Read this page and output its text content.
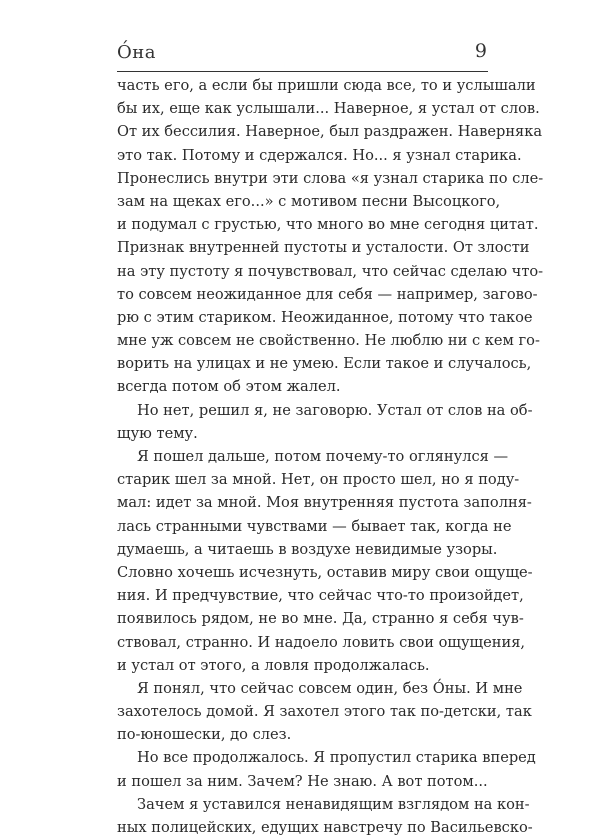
О́на	9
часть его, а если бы пришли сюда все, то и услышали
бы их, еще как услышали... Наверное, я устал от слов.
От их бессилия. Наверное, был раздражен. Наверняка
это так. Потому и сдержался. Но... я узнал старика.
Пронеслись внутри эти слова «я узнал старика по сле-
зам на щеках его...» с мотивом песни Высоцкого,
и подумал с грустью, что много во мне сегодня цитат.
Признак внутренней пустоты и усталости. От злости
на эту пустоту я почувствовал, что сейчас сделаю что-
то совсем неожиданное для себя — например, загово-
рю с этим стариком. Неожиданное, потому что такое
мне уж совсем не свойственно. Не люблю ни с кем го-
ворить на улицах и не умею. Если такое и случалось,
всегда потом об этом жалел.
Но нет, решил я, не заговорю. Устал от слов на об-
щую тему.
Я пошел дальше, потом почему-то оглянулся —
старик шел за мной. Нет, он просто шел, но я поду-
мал: идет за мной. Моя внутренняя пустота заполня-
лась странными чувствами — бывает так, когда не
думаешь, а читаешь в воздухе невидимые узоры.
Словно хочешь исчезнуть, оставив миру свои ощуще-
ния. И предчувствие, что сейчас что-то произойдет,
появилось рядом, не во мне. Да, странно я себя чув-
ствовал, странно. И надоело ловить свои ощущения,
и устал от этого, а ловля продолжалась.
Я понял, что сейчас совсем один, без О́ны. И мне
захотелось домой. Я захотел этого так по-детски, так
по-юношески, до слез.
Но все продолжалось. Я пропустил старика вперед
и пошел за ним. Зачем? Не знаю. А вот потом...
Зачем я уставился ненавидящим взглядом на кон-
ных полицейских, едущих навстречу по Васильевско-
